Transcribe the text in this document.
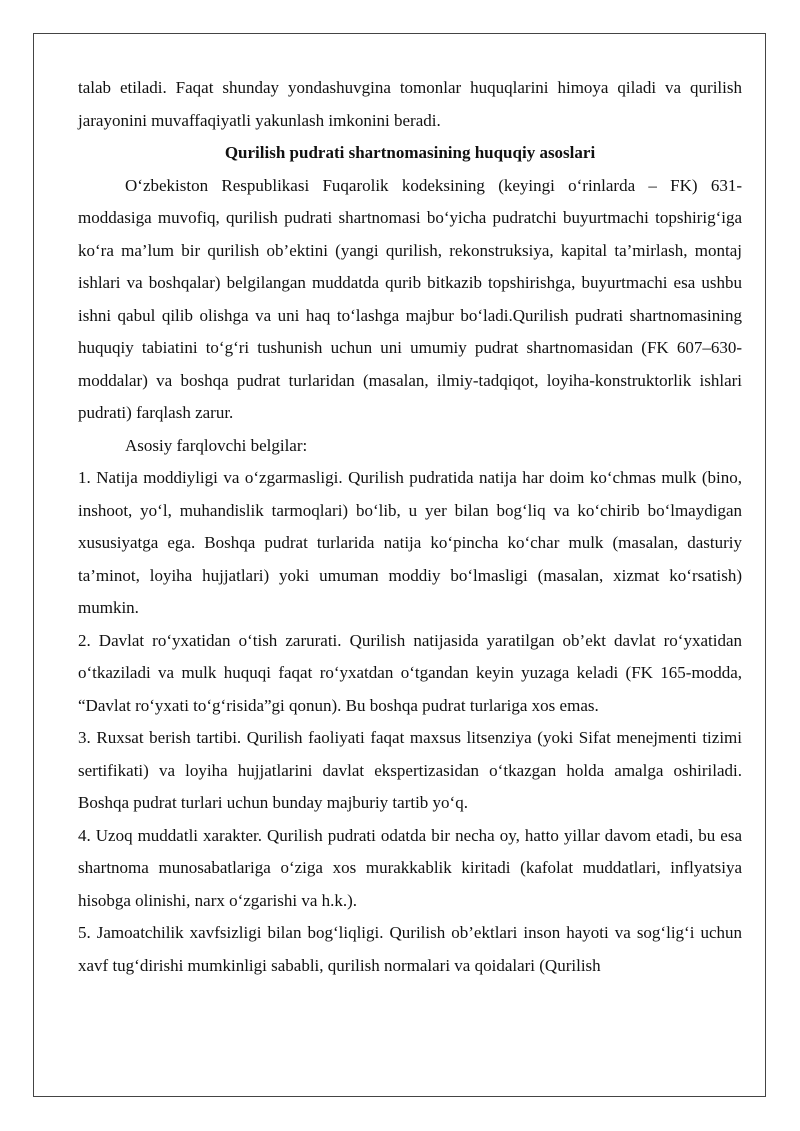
talab etiladi. Faqat shunday yondashuvgina tomonlar huquqlarini himoya qiladi va qurilish jarayonini muvaffaqiyatli yakunlash imkonini beradi.

Qurilish pudrati shartnomasining huquqiy asoslari

O‘zbekiston Respublikasi Fuqarolik kodeksining (keyingi o‘rinlarda – FK) 631-moddasiga muvofiq, qurilish pudrati shartnomasi bo‘yicha pudratchi buyurtmachi topshirig‘iga ko‘ra ma’lum bir qurilish ob’ektini (yangi qurilish, rekonstruksiya, kapital ta’mirlash, montaj ishlari va boshqalar) belgilangan muddatda qurib bitkazib topshirishga, buyurtmachi esa ushbu ishni qabul qilib olishga va uni haq to‘lashga majbur bo‘ladi.Qurilish pudrati shartnomasining huquqiy tabiatini to‘g‘ri tushunish uchun uni umumiy pudrat shartnomasidan (FK 607–630-moddalar) va boshqa pudrat turlaridan (masalan, ilmiy-tadqiqot, loyiha-konstruktorlik ishlari pudrati) farqlash zarur.

Asosiy farqlovchi belgilar:

1. Natija moddiyligi va o‘zgarmasligi. Qurilish pudratida natija har doim ko‘chmas mulk (bino, inshoot, yo‘l, muhandislik tarmoqlari) bo‘lib, u yer bilan bog‘liq va ko‘chirib bo‘lmaydigan xususiyatga ega. Boshqa pudrat turlarida natija ko‘pincha ko‘char mulk (masalan, dasturiy ta’minot, loyiha hujjatlari) yoki umuman moddiy bo‘lmasligi (masalan, xizmat ko‘rsatish) mumkin.

2. Davlat ro‘yxatidan o‘tish zarurati. Qurilish natijasida yaratilgan ob’ekt davlat ro‘yxatidan o‘tkaziladi va mulk huquqi faqat ro‘yxatdan o‘tgandan keyin yuzaga keladi (FK 165-modda, “Davlat ro‘yxati to‘g‘risida”gi qonun). Bu boshqa pudrat turlariga xos emas.

3. Ruxsat berish tartibi. Qurilish faoliyati faqat maxsus litsenziya (yoki Sifat menejmenti tizimi sertifikati) va loyiha hujjatlarini davlat ekspertizasidan o‘tkazgan holda amalga oshiriladi. Boshqa pudrat turlari uchun bunday majburiy tartib yo‘q.

4. Uzoq muddatli xarakter. Qurilish pudrati odatda bir necha oy, hatto yillar davom etadi, bu esa shartnoma munosabatlariga o‘ziga xos murakkablik kiritadi (kafolat muddatlari, inflyatsiya hisobga olinishi, narx o‘zgarishi va h.k.).

5. Jamoatchilik xavfsizligi bilan bog‘liqligi. Qurilish ob’ektlari inson hayoti va sog‘lig‘i uchun xavf tug‘dirishi mumkinligi sababli, qurilish normalari va qoidalari (Qurilish
